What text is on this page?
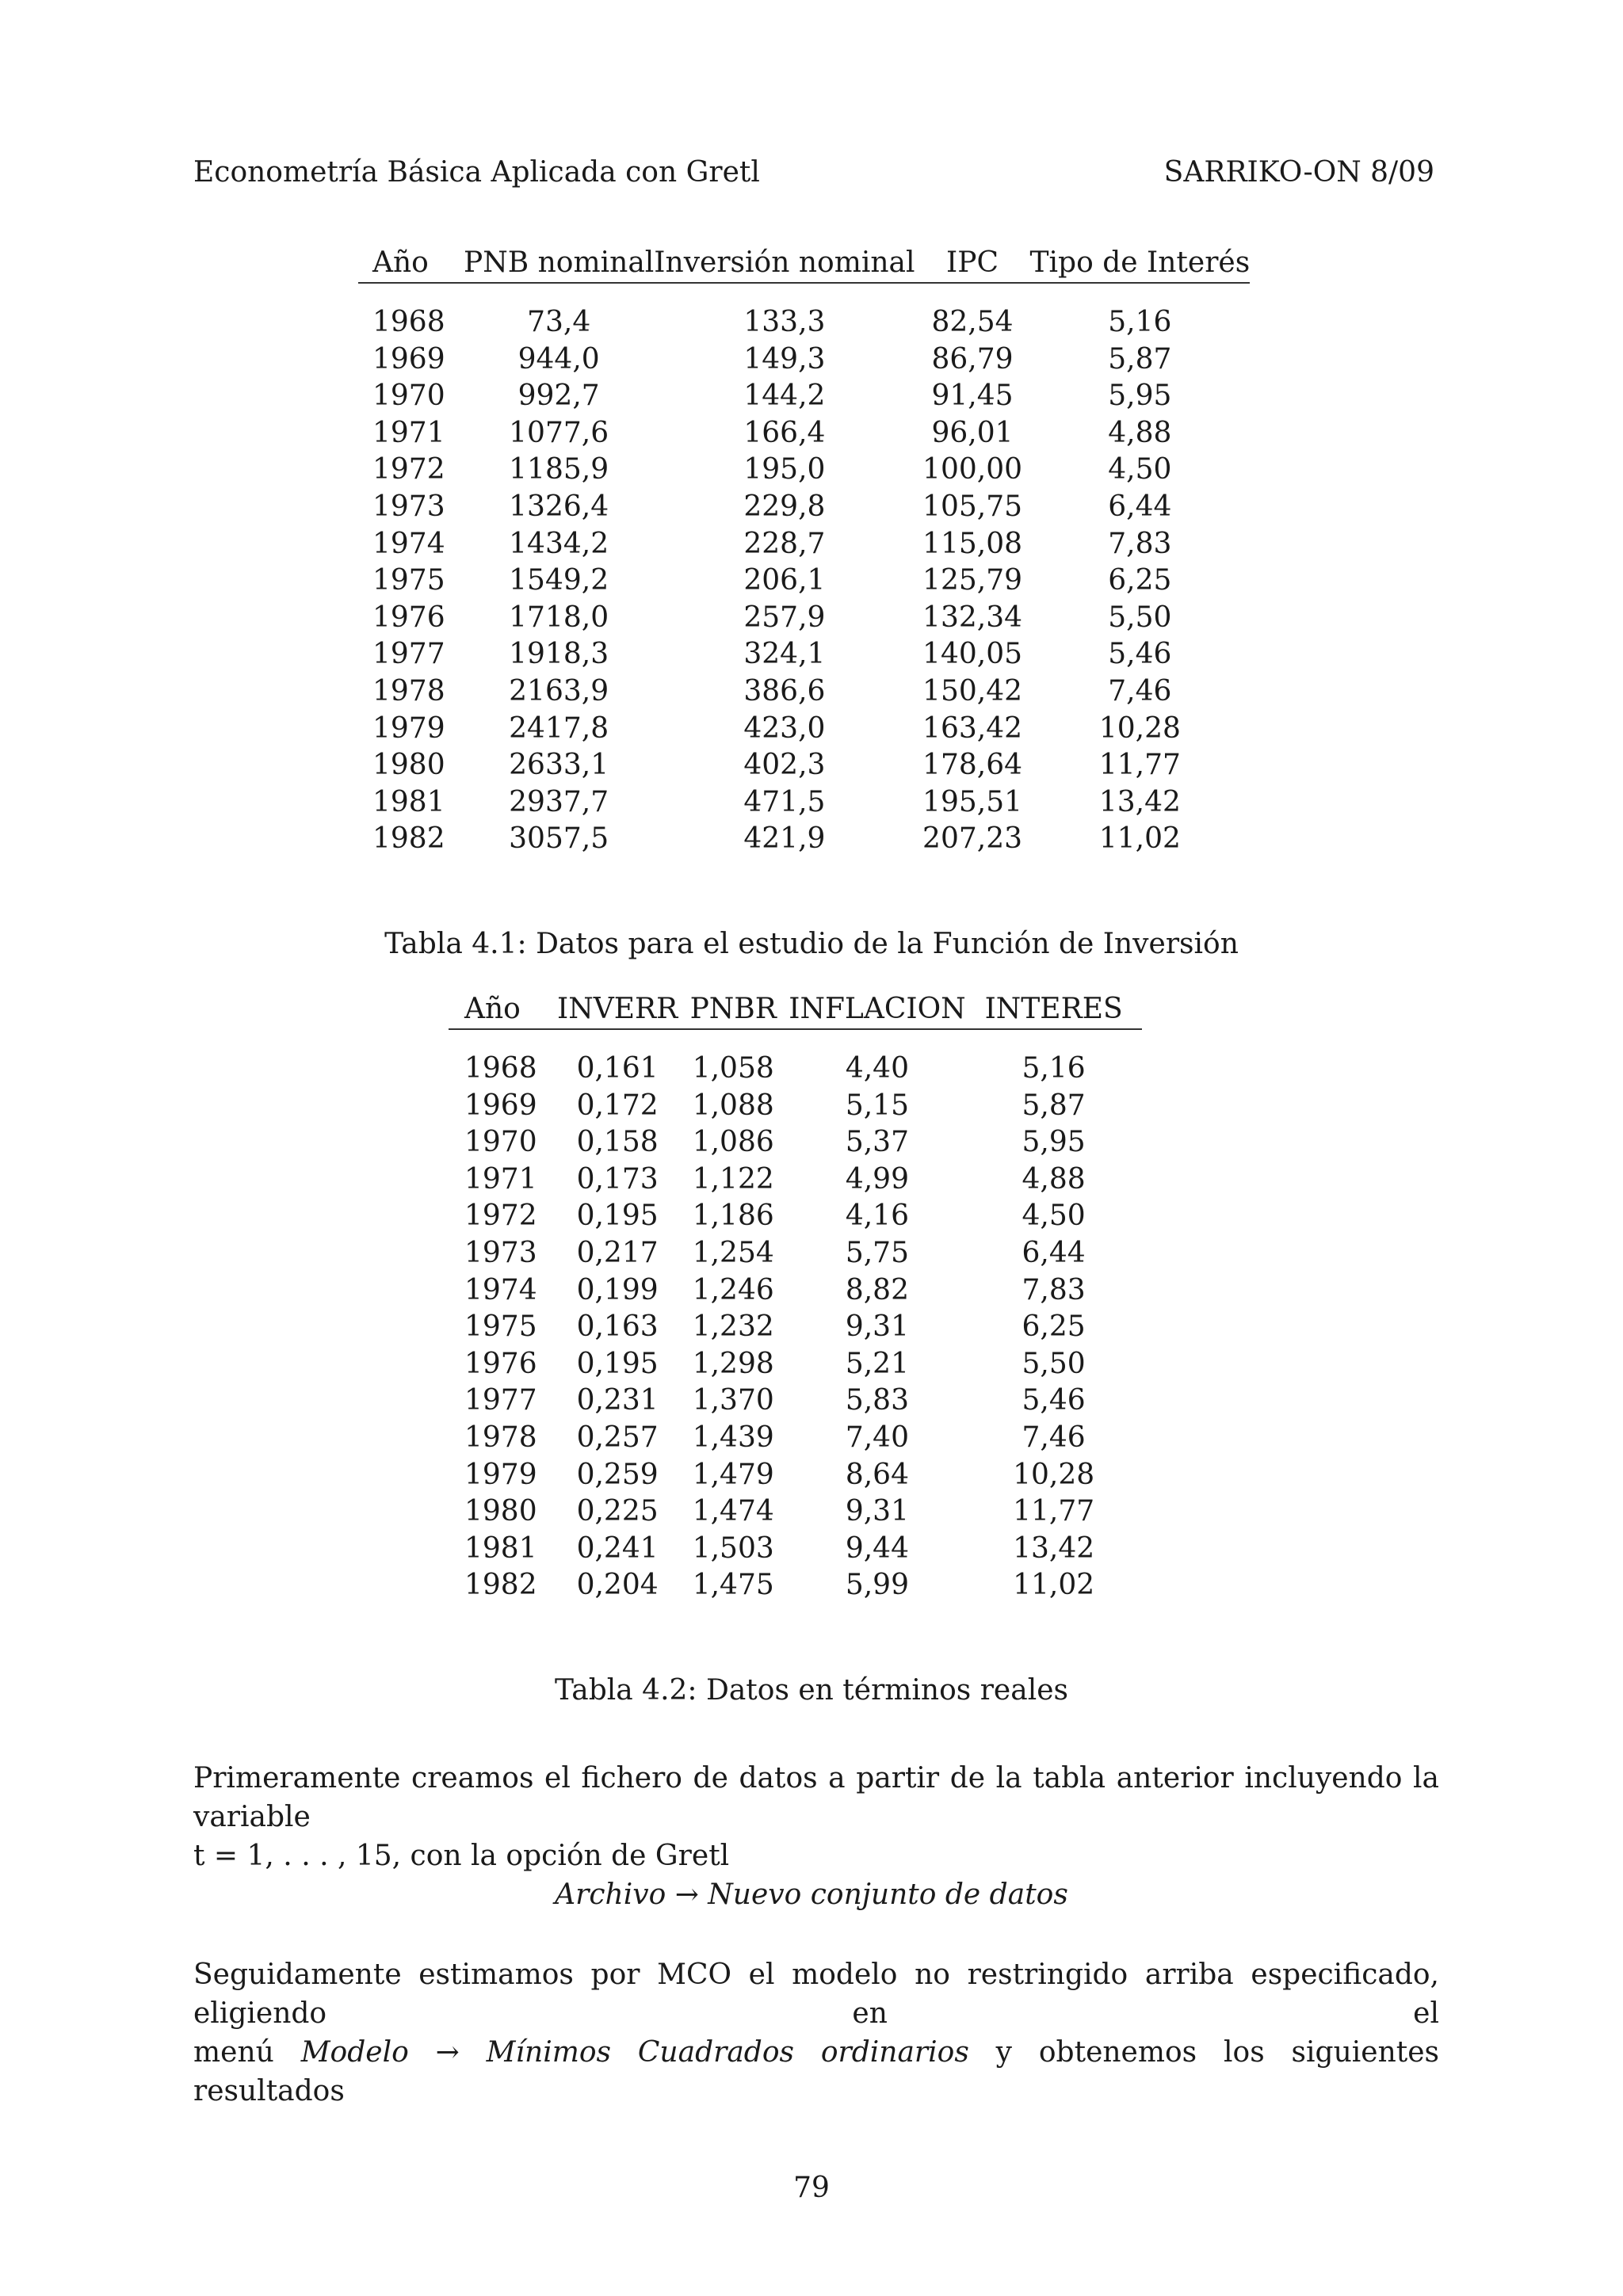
Econometría Básica Aplicada con Gretl	SARRIKO-ON 8/09
Año	PNB nominal	Inversión nominal	IPC	Tipo de Interés
1968	73,4	133,3	82,54	5,16
1969	944,0	149,3	86,79	5,87
1970	992,7	144,2	91,45	5,95
1971	1077,6	166,4	96,01	4,88
1972	1185,9	195,0	100,00	4,50
1973	1326,4	229,8	105,75	6,44
1974	1434,2	228,7	115,08	7,83
1975	1549,2	206,1	125,79	6,25
1976	1718,0	257,9	132,34	5,50
1977	1918,3	324,1	140,05	5,46
1978	2163,9	386,6	150,42	7,46
1979	2417,8	423,0	163,42	10,28
1980	2633,1	402,3	178,64	11,77
1981	2937,7	471,5	195,51	13,42
1982	3057,5	421,9	207,23	11,02
Tabla 4.1: Datos para el estudio de la Función de Inversión
Año	INVERR	PNBR	INFLACION	INTERES
1968	0,161	1,058	4,40	5,16
1969	0,172	1,088	5,15	5,87
1970	0,158	1,086	5,37	5,95
1971	0,173	1,122	4,99	4,88
1972	0,195	1,186	4,16	4,50
1973	0,217	1,254	5,75	6,44
1974	0,199	1,246	8,82	7,83
1975	0,163	1,232	9,31	6,25
1976	0,195	1,298	5,21	5,50
1977	0,231	1,370	5,83	5,46
1978	0,257	1,439	7,40	7,46
1979	0,259	1,479	8,64	10,28
1980	0,225	1,474	9,31	11,77
1981	0,241	1,503	9,44	13,42
1982	0,204	1,475	5,99	11,02
Tabla 4.2: Datos en términos reales
Primeramente creamos el fichero de datos a partir de la tabla anterior incluyendo la variable
t = 1, . . . , 15, con la opción de Gretl
Archivo → Nuevo conjunto de datos
Seguidamente estimamos por MCO el modelo no restringido arriba especificado, eligiendo en el
menú Modelo → Mínimos Cuadrados ordinarios y obtenemos los siguientes resultados
79
